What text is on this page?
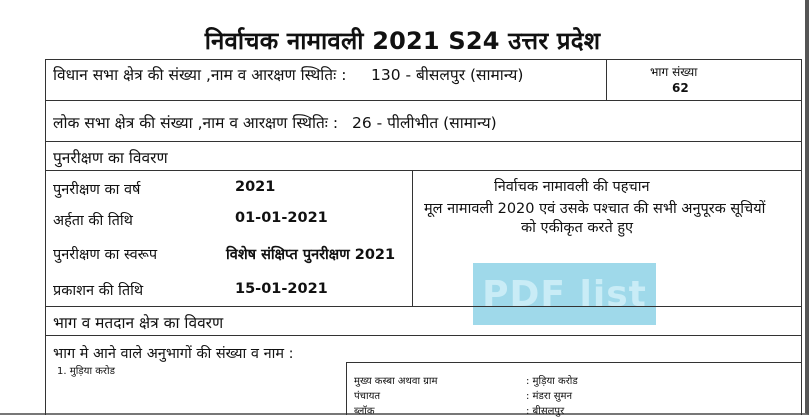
निर्वाचक नामावली 2021 S24 उत्तर प्रदेश
विधान सभा क्षेत्र की संख्या ,नाम व आरक्षण स्थितिः : 130 - बीसलपुर (सामान्य)	भाग संख्या
62
लोक सभा क्षेत्र की संख्या ,नाम व आरक्षण स्थितिः : 26 - पीलीभीत (सामान्य)
पुनरीक्षण का विवरण
पुनरीक्षण का वर्ष	2021
अर्हता की तिथि	01-01-2021
पुनरीक्षण का स्वरूप	विशेष संक्षिप्त पुनरीक्षण 2021
प्रकाशन की तिथि	15-01-2021
निर्वाचक नामावली की पहचान
मूल नामावली 2020 एवं उसके पश्चात की सभी अनुपूरक सूचियों
को एकीकृत करते हुए
PDF list
भाग व मतदान क्षेत्र का विवरण
भाग मे आने वाले अनुभागों की संख्या व नाम :
1. मुड़िया करोड
मुख्य कस्बा अथवा ग्राम	: मुड़िया करोड
पंचायत	: मंडरा सुमन
ब्लॉक	: बीसलपुर
